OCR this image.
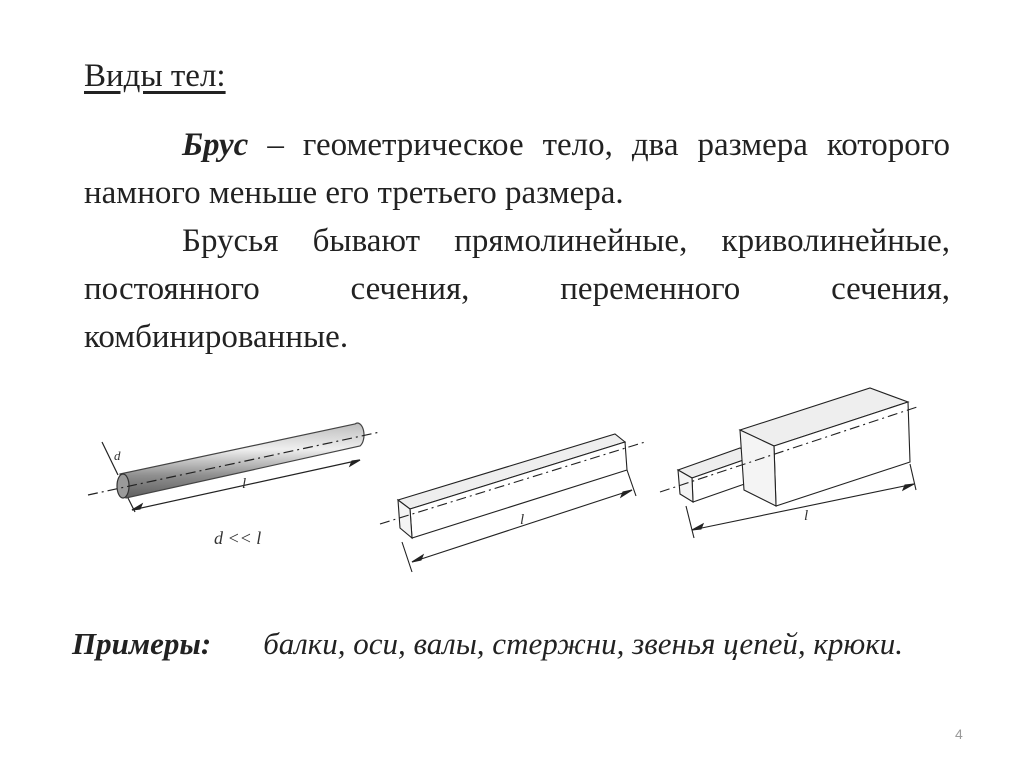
Виды тел:
Брус – геометрическое тело, два размера которого намного меньше его третьего размера.
Брусья бывают прямолинейные, криволинейные, постоянного сечения, переменного сечения, комбинированные.
d
l
d << l
l	l
Примеры: балки, оси, валы, стержни, звенья цепей, крюки.
4
